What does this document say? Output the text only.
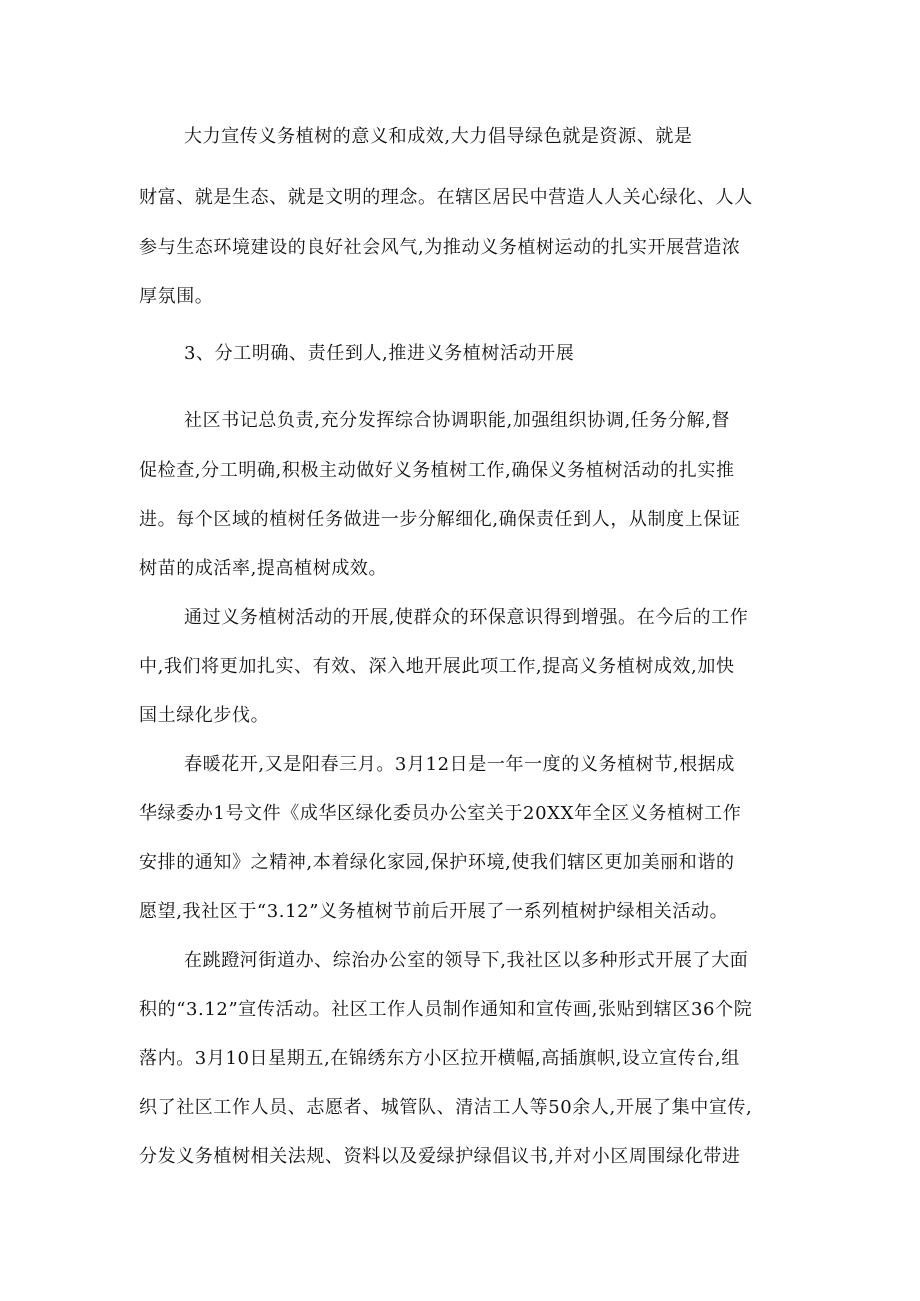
大力宣传义务植树的意义和成效,大力倡导绿色就是资源、就是

财富、就是生态、就是文明的理念。在辖区居民中营造人人关心绿化、人人

参与生态环境建设的良好社会风气,为推动义务植树运动的扎实开展营造浓

厚氛围。

3、分工明确、责任到人,推进义务植树活动开展

社区书记总负责,充分发挥综合协调职能,加强组织协调,任务分解,督

促检查,分工明确,积极主动做好义务植树工作,确保义务植树活动的扎实推

进。每个区域的植树任务做进一步分解细化,确保责任到人，从制度上保证

树苗的成活率,提高植树成效。

通过义务植树活动的开展,使群众的环保意识得到增强。在今后的工作

中,我们将更加扎实、有效、深入地开展此项工作,提高义务植树成效,加快

国土绿化步伐。

春暖花开,又是阳春三月。3月12日是一年一度的义务植树节,根据成

华绿委办1号文件《成华区绿化委员办公室关于20XX年全区义务植树工作

安排的通知》之精神,本着绿化家园,保护环境,使我们辖区更加美丽和谐的

愿望,我社区于“3.12”义务植树节前后开展了一系列植树护绿相关活动。

在跳蹬河街道办、综治办公室的领导下,我社区以多种形式开展了大面

积的“3.12”宣传活动。社区工作人员制作通知和宣传画,张贴到辖区36个院

落内。3月10日星期五,在锦绣东方小区拉开横幅,高插旗帜,设立宣传台,组

织了社区工作人员、志愿者、城管队、清洁工人等50余人,开展了集中宣传,

分发义务植树相关法规、资料以及爱绿护绿倡议书,并对小区周围绿化带进
